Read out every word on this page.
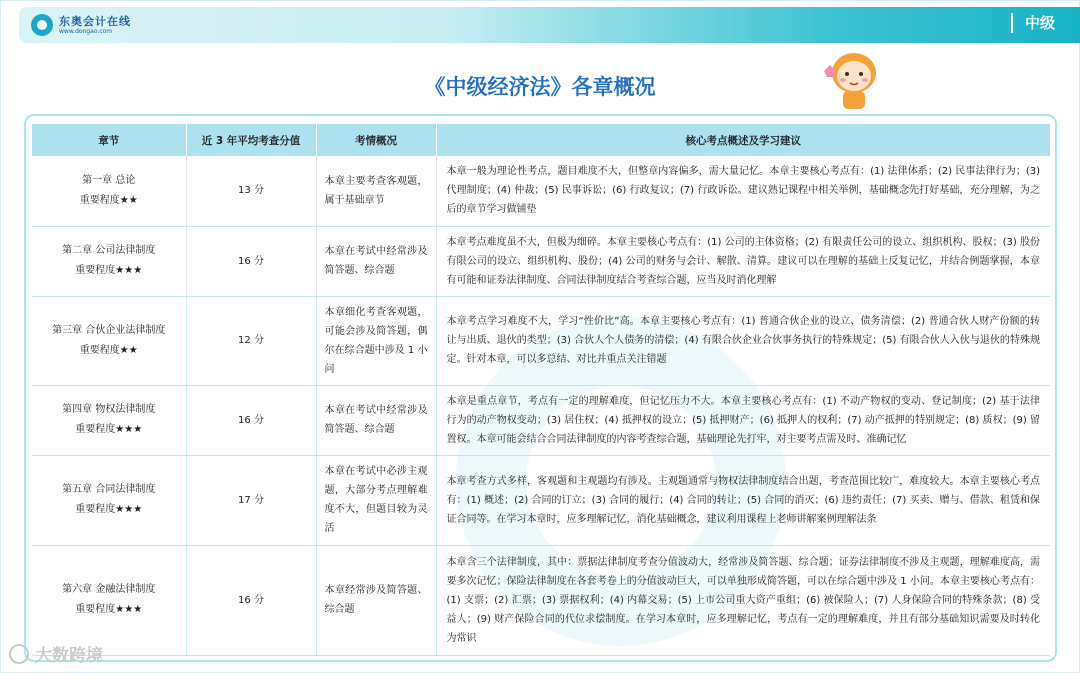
东奥会计在线
www.dongao.com	中级
《中级经济法》各章概况
章节	近 3 年平均考查分值	考情概况	核心考点概述及学习建议

第一章 总论
重要程度★★	13 分	本章主要考查客观题，属于基础章节	本章一般为理论性考点，题目难度不大，但整章内容偏多，需大量记忆。本章主要核心考点有：(1) 法律体系；(2) 民事法律行为；(3) 代理制度；(4) 仲裁；(5) 民事诉讼；(6) 行政复议；(7) 行政诉讼。建议熟记课程中相关举例，基础概念先打好基础，充分理解，为之后的章节学习做铺垫

第二章 公司法律制度
重要程度★★★	16 分	本章在考试中经常涉及简答题、综合题	本章考点难度虽不大，但极为细碎。本章主要核心考点有：(1) 公司的主体资格；(2) 有限责任公司的设立、组织机构、股权；(3) 股份有限公司的设立、组织机构、股份；(4) 公司的财务与会计、解散、清算。建议可以在理解的基础上反复记忆，并结合例题掌握，本章有可能和证券法律制度、合同法律制度结合考查综合题，应当及时消化理解

第三章 合伙企业法律制度
重要程度★★	12 分	本章细化考查客观题，可能会涉及简答题，偶尔在综合题中涉及 1 小问	本章考点学习难度不大，学习“性价比”高。本章主要核心考点有：(1) 普通合伙企业的设立、债务清偿；(2) 普通合伙人财产份额的转让与出质、退伙的类型；(3) 合伙人个人债务的清偿；(4) 有限合伙企业合伙事务执行的特殊规定；(5) 有限合伙人入伙与退伙的特殊规定。针对本章，可以多总结、对比并重点关注错题

第四章 物权法律制度
重要程度★★★	16 分	本章在考试中经常涉及简答题、综合题	本章是重点章节，考点有一定的理解难度，但记忆压力不大。本章主要核心考点有：(1) 不动产物权的变动、登记制度；(2) 基于法律行为的动产物权变动；(3) 居住权；(4) 抵押权的设立；(5) 抵押财产；(6) 抵押人的权利；(7) 动产抵押的特别规定；(8) 质权；(9) 留置权。本章可能会结合合同法律制度的内容考查综合题，基础理论先打牢，对主要考点需及时、准确记忆

第五章 合同法律制度
重要程度★★★	17 分	本章在考试中必涉主观题，大部分考点理解难度不大，但题目较为灵活	本章考查方式多样，客观题和主观题均有涉及。主观题通常与物权法律制度结合出题，考查范围比较广，难度较大。本章主要核心考点有：(1) 概述；(2) 合同的订立；(3) 合同的履行；(4) 合同的转让；(5) 合同的消灭；(6) 违约责任；(7) 买卖、赠与、借款、租赁和保证合同等。在学习本章时，应多理解记忆，消化基础概念，建议利用课程上老师讲解案例理解法条

第六章 金融法律制度
重要程度★★★	16 分	本章经常涉及简答题、综合题	本章含三个法律制度，其中：票据法律制度考查分值波动大，经常涉及简答题、综合题；证券法律制度不涉及主观题，理解难度高，需要多次记忆；保险法律制度在各套考卷上的分值波动巨大，可以单独形成简答题，可以在综合题中涉及 1 小问。本章主要核心考点有：(1) 支票；(2) 汇票；(3) 票据权利；(4) 内幕交易；(5) 上市公司重大资产重组；(6) 被保险人；(7) 人身保险合同的特殊条款；(8) 受益人；(9) 财产保险合同的代位求偿制度。在学习本章时，应多理解记忆，考点有一定的理解难度，并且有部分基础知识需要及时转化为常识
大数跨境
